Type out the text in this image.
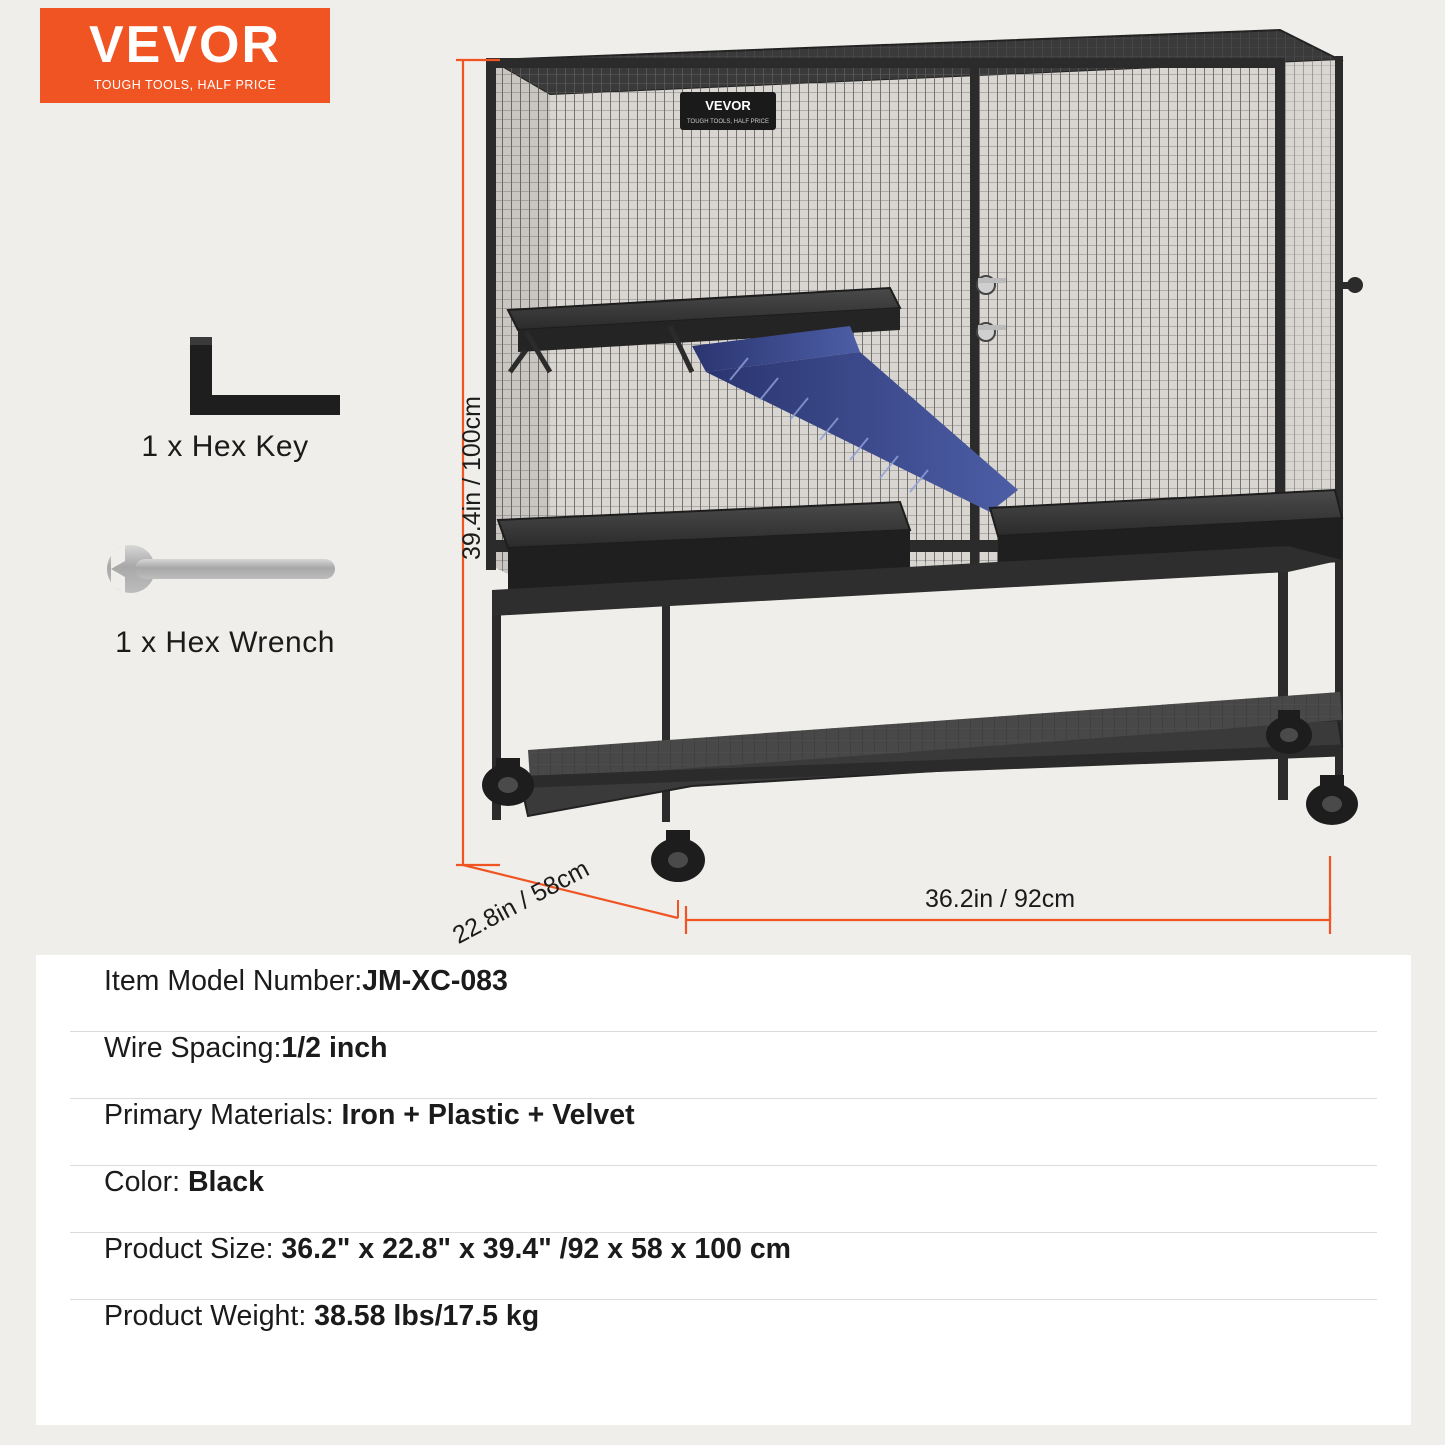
VEVOR
TOUGH TOOLS, HALF PRICE
1 x Hex Key
1 x Hex Wrench
VEVOR
TOUGH TOOLS, HALF PRICE
39.4in / 100cm
22.8in / 58cm	36.2in / 92cm
Item Model Number: JM-XC-083
Wire Spacing: 1/2 inch
Primary Materials: Iron + Plastic + Velvet
Color: Black
Product Size: 36.2" x 22.8" x 39.4" /92 x 58 x 100 cm
Product Weight: 38.58 lbs/17.5 kg
